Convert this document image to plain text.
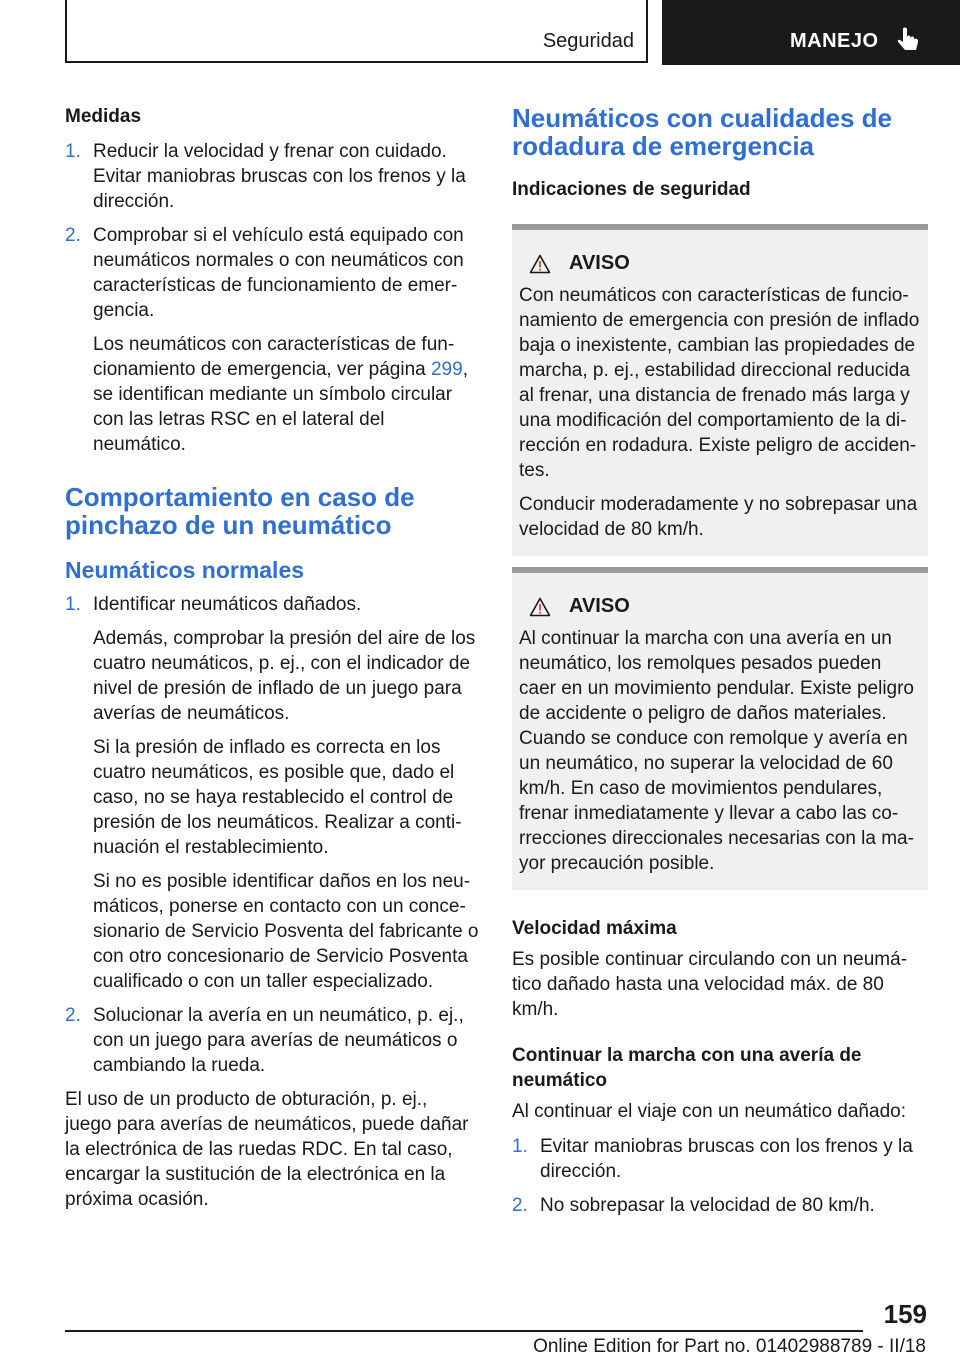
Seguridad	MANEJO

Medidas

1. Reducir la velocidad y frenar con cuidado. Evitar maniobras bruscas con los frenos y la dirección.

2. Comprobar si el vehículo está equipado con neumáticos normales o con neumáticos con características de funcionamiento de emergencia.

Los neumáticos con características de funcionamiento de emergencia, ver página 299, se identifican mediante un símbolo circular con las letras RSC en el lateral del neumático.

Comportamiento en caso de pinchazo de un neumático
Neumáticos normales
1. Identificar neumáticos dañados.

Además, comprobar la presión del aire de los cuatro neumáticos, p. ej., con el indicador de nivel de presión de inflado de un juego para averías de neumáticos.

Si la presión de inflado es correcta en los cuatro neumáticos, es posible que, dado el caso, no se haya restablecido el control de presión de los neumáticos. Realizar a continuación el restablecimiento.

Si no es posible identificar daños en los neumáticos, ponerse en contacto con un concesionario de Servicio Posventa del fabricante o con otro concesionario de Servicio Posventa cualificado o con un taller especializado.

2. Solucionar la avería en un neumático, p. ej., con un juego para averías de neumáticos o cambiando la rueda.

El uso de un producto de obturación, p. ej., juego para averías de neumáticos, puede dañar la electrónica de las ruedas RDC. En tal caso, encargar la sustitución de la electrónica en la próxima ocasión.

Neumáticos con cualidades de rodadura de emergencia

Indicaciones de seguridad

AVISO

Con neumáticos con características de funcionamiento de emergencia con presión de inflado baja o inexistente, cambian las propiedades de marcha, p. ej., estabilidad direccional reducida al frenar, una distancia de frenado más larga y una modificación del comportamiento de la dirección en rodadura. Existe peligro de accidentes.

Conducir moderadamente y no sobrepasar una velocidad de 80 km/h.

AVISO

Al continuar la marcha con una avería en un neumático, los remolques pesados pueden caer en un movimiento pendular. Existe peligro de accidente o peligro de daños materiales. Cuando se conduce con remolque y avería en un neumático, no superar la velocidad de 60 km/h. En caso de movimientos pendulares, frenar inmediatamente y llevar a cabo las correcciones direccionales necesarias con la mayor precaución posible.

Velocidad máxima

Es posible continuar circulando con un neumático dañado hasta una velocidad máx. de 80 km/h.

Continuar la marcha con una avería de neumático

Al continuar el viaje con un neumático dañado:

1. Evitar maniobras bruscas con los frenos y la dirección.

2. No sobrepasar la velocidad de 80 km/h.

159
Online Edition for Part no. 01402988789 - II/18
